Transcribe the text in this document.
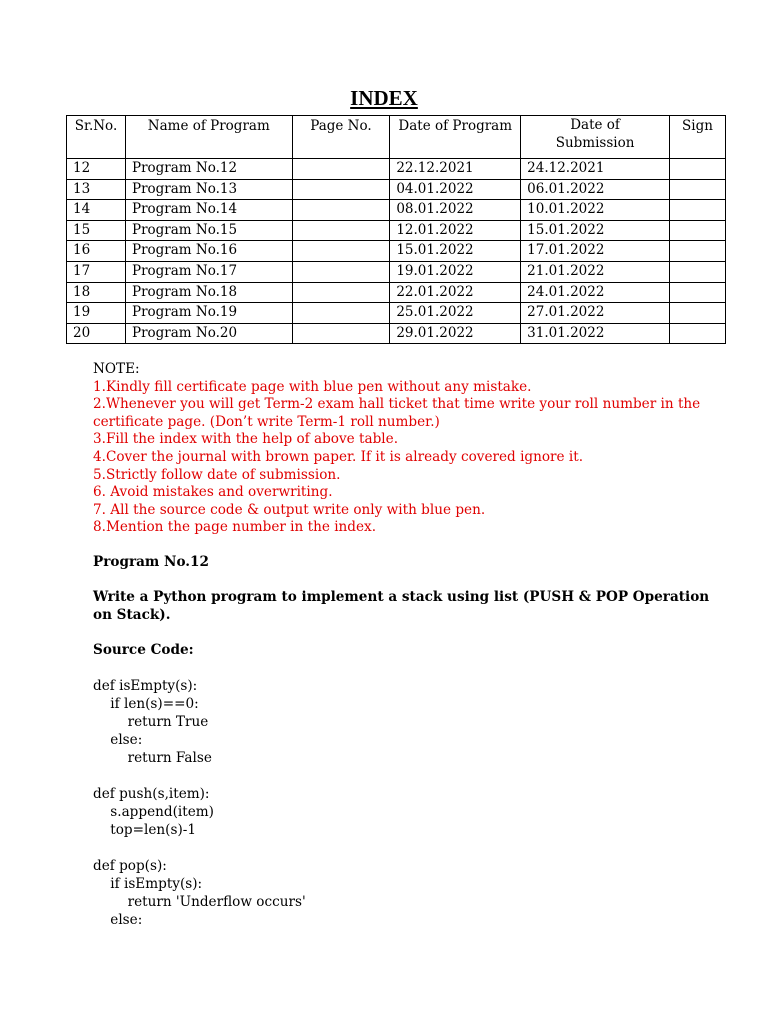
INDEX
Sr.No.	Name of Program	Page No.	Date of Program	Date of Submission	Sign
12	Program No.12		22.12.2021	24.12.2021	
13	Program No.13		04.01.2022	06.01.2022	
14	Program No.14		08.01.2022	10.01.2022	
15	Program No.15		12.01.2022	15.01.2022	
16	Program No.16		15.01.2022	17.01.2022	
17	Program No.17		19.01.2022	21.01.2022	
18	Program No.18		22.01.2022	24.01.2022	
19	Program No.19		25.01.2022	27.01.2022	
20	Program No.20		29.01.2022	31.01.2022	
NOTE:
1.Kindly fill certificate page with blue pen without any mistake.
2.Whenever you will get Term-2 exam hall ticket that time write your roll number in the certificate page. (Don’t write Term-1 roll number.)
3.Fill the index with the help of above table.
4.Cover the journal with brown paper. If it is already covered ignore it.
5.Strictly follow date of submission.
6. Avoid mistakes and overwriting.
7. All the source code & output write only with blue pen.
8.Mention the page number in the index.
Program No.12
Write a Python program to implement a stack using list (PUSH & POP Operation on Stack).
Source Code:
def isEmpty(s):
if len(s)==0:
return True
else:
return False
def push(s,item):
s.append(item)
top=len(s)-1
def pop(s):
if isEmpty(s):
return 'Underflow occurs'
else:
